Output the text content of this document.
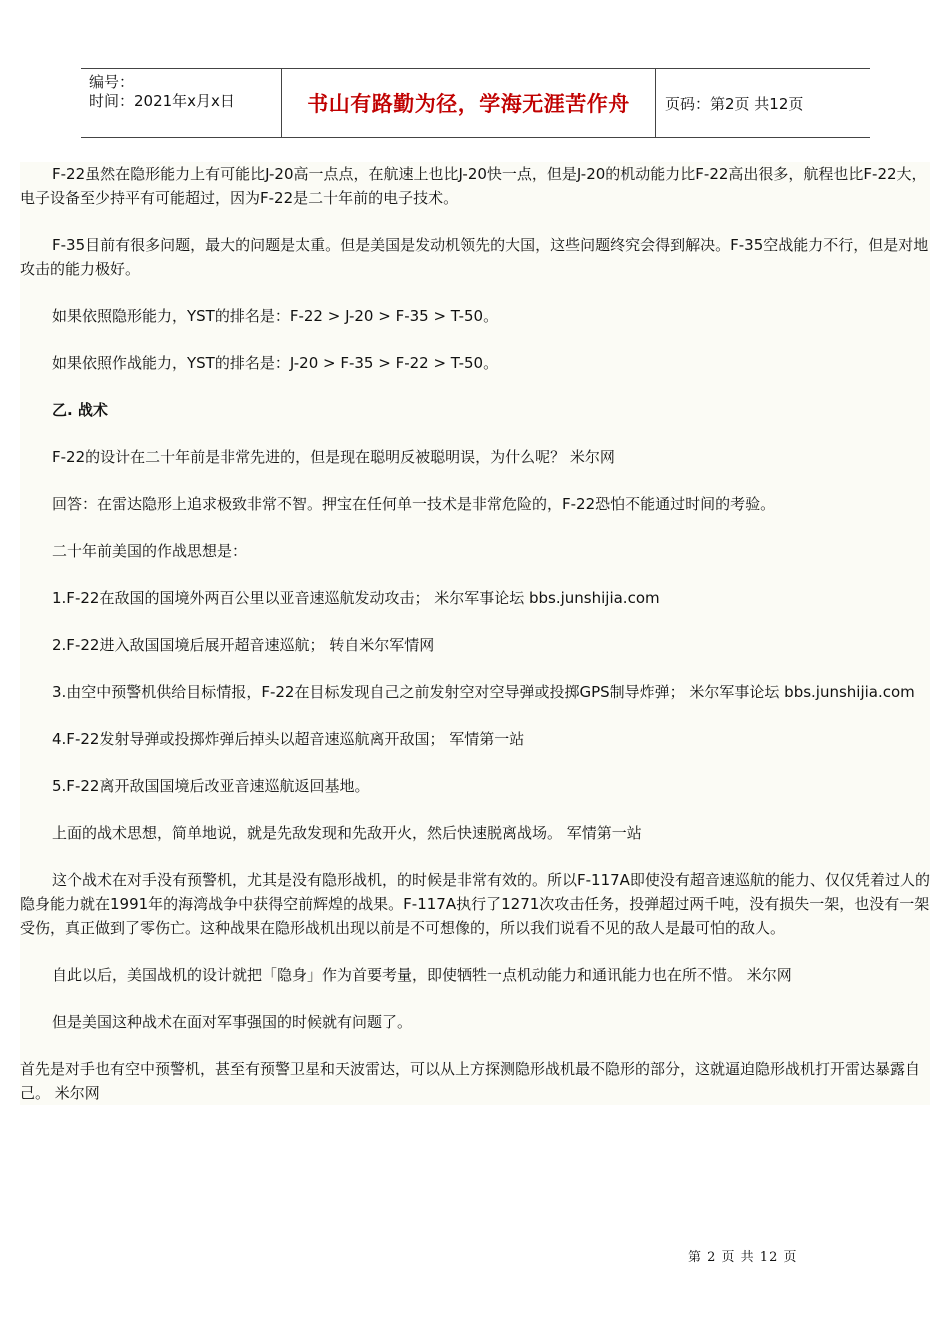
编号：
时间：2021年x月x日	书山有路勤为径，学海无涯苦作舟 页码：第2页 共12页

F-22虽然在隐形能力上有可能比J-20高一点点，在航速上也比J-20快一点，但是J-20的机动能力比F-22高出很多，航程也比F-22大，电子设备至少持平有可能超过，因为F-22是二十年前的电子技术。

F-35目前有很多问题，最大的问题是太重。但是美国是发动机领先的大国，这些问题终究会得到解决。F-35空战能力不行，但是对地攻击的能力极好。

如果依照隐形能力，YST的排名是：F-22 > J-20 > F-35 > T-50。

如果依照作战能力，YST的排名是：J-20 > F-35 > F-22 > T-50。

乙. 战术

F-22的设计在二十年前是非常先进的，但是现在聪明反被聪明误，为什么呢？ 米尔网

回答：在雷达隐形上追求极致非常不智。押宝在任何单一技术是非常危险的，F-22恐怕不能通过时间的考验。

二十年前美国的作战思想是：

1.F-22在敌国的国境外两百公里以亚音速巡航发动攻击； 米尔军事论坛 bbs.junshijia.com

2.F-22进入敌国国境后展开超音速巡航； 转自米尔军情网

3.由空中预警机供给目标情报，F-22在目标发现自己之前发射空对空导弹或投掷GPS制导炸弹； 米尔军事论坛 bbs.junshijia.com

4.F-22发射导弹或投掷炸弹后掉头以超音速巡航离开敌国； 军情第一站

5.F-22离开敌国国境后改亚音速巡航返回基地。

上面的战术思想，简单地说，就是先敌发现和先敌开火，然后快速脱离战场。 军情第一站

这个战术在对手没有预警机，尤其是没有隐形战机，的时候是非常有效的。所以F-117A即使没有超音速巡航的能力、仅仅凭着过人的隐身能力就在1991年的海湾战争中获得空前辉煌的战果。F-117A执行了1271次攻击任务，投弹超过两千吨，没有损失一架，也没有一架受伤，真正做到了零伤亡。这种战果在隐形战机出现以前是不可想像的，所以我们说看不见的敌人是最可怕的敌人。

自此以后，美国战机的设计就把「隐身」作为首要考量，即使牺牲一点机动能力和通讯能力也在所不惜。 米尔网

但是美国这种战术在面对军事强国的时候就有问题了。

首先是对手也有空中预警机，甚至有预警卫星和天波雷达，可以从上方探测隐形战机最不隐形的部分，这就逼迫隐形战机打开雷达暴露自己。 米尔网

第 2 页 共 12 页
